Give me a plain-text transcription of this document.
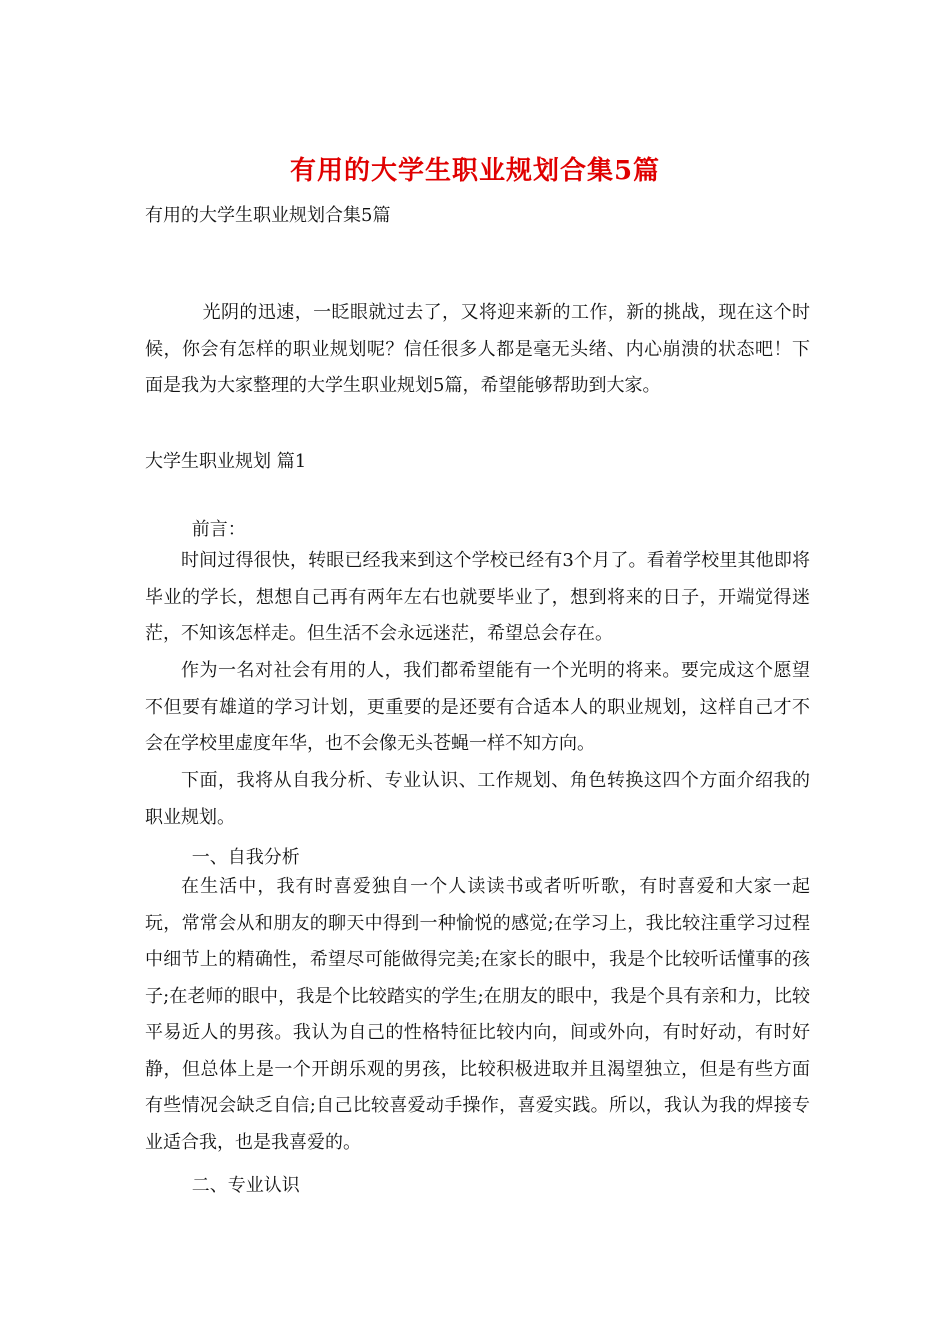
有用的大学生职业规划合集5篇
有用的大学生职业规划合集5篇

光阴的迅速，一眨眼就过去了，又将迎来新的工作，新的挑战，现在这个时候，你会有怎样的职业规划呢？信任很多人都是毫无头绪、内心崩溃的状态吧！下面是我为大家整理的大学生职业规划5篇，希望能够帮助到大家。

大学生职业规划 篇1

前言：

时间过得很快，转眼已经我来到这个学校已经有3个月了。看着学校里其他即将毕业的学长，想想自己再有两年左右也就要毕业了，想到将来的日子，开端觉得迷茫，不知该怎样走。但生活不会永远迷茫，希望总会存在。

作为一名对社会有用的人，我们都希望能有一个光明的将来。要完成这个愿望不但要有雄道的学习计划，更重要的是还要有合适本人的职业规划，这样自己才不会在学校里虚度年华，也不会像无头苍蝇一样不知方向。

下面，我将从自我分析、专业认识、工作规划、角色转换这四个方面介绍我的职业规划。

一、自我分析

在生活中，我有时喜爱独自一个人读读书或者听听歌，有时喜爱和大家一起玩，常常会从和朋友的聊天中得到一种愉悦的感觉;在学习上，我比较注重学习过程中细节上的精确性，希望尽可能做得完美;在家长的眼中，我是个比较听话懂事的孩子;在老师的眼中，我是个比较踏实的学生;在朋友的眼中，我是个具有亲和力，比较平易近人的男孩。我认为自己的性格特征比较内向，间或外向，有时好动，有时好静，但总体上是一个开朗乐观的男孩，比较积极进取并且渴望独立，但是有些方面有些情况会缺乏自信;自己比较喜爱动手操作，喜爱实践。所以，我认为我的焊接专业适合我，也是我喜爱的。

二、专业认识
